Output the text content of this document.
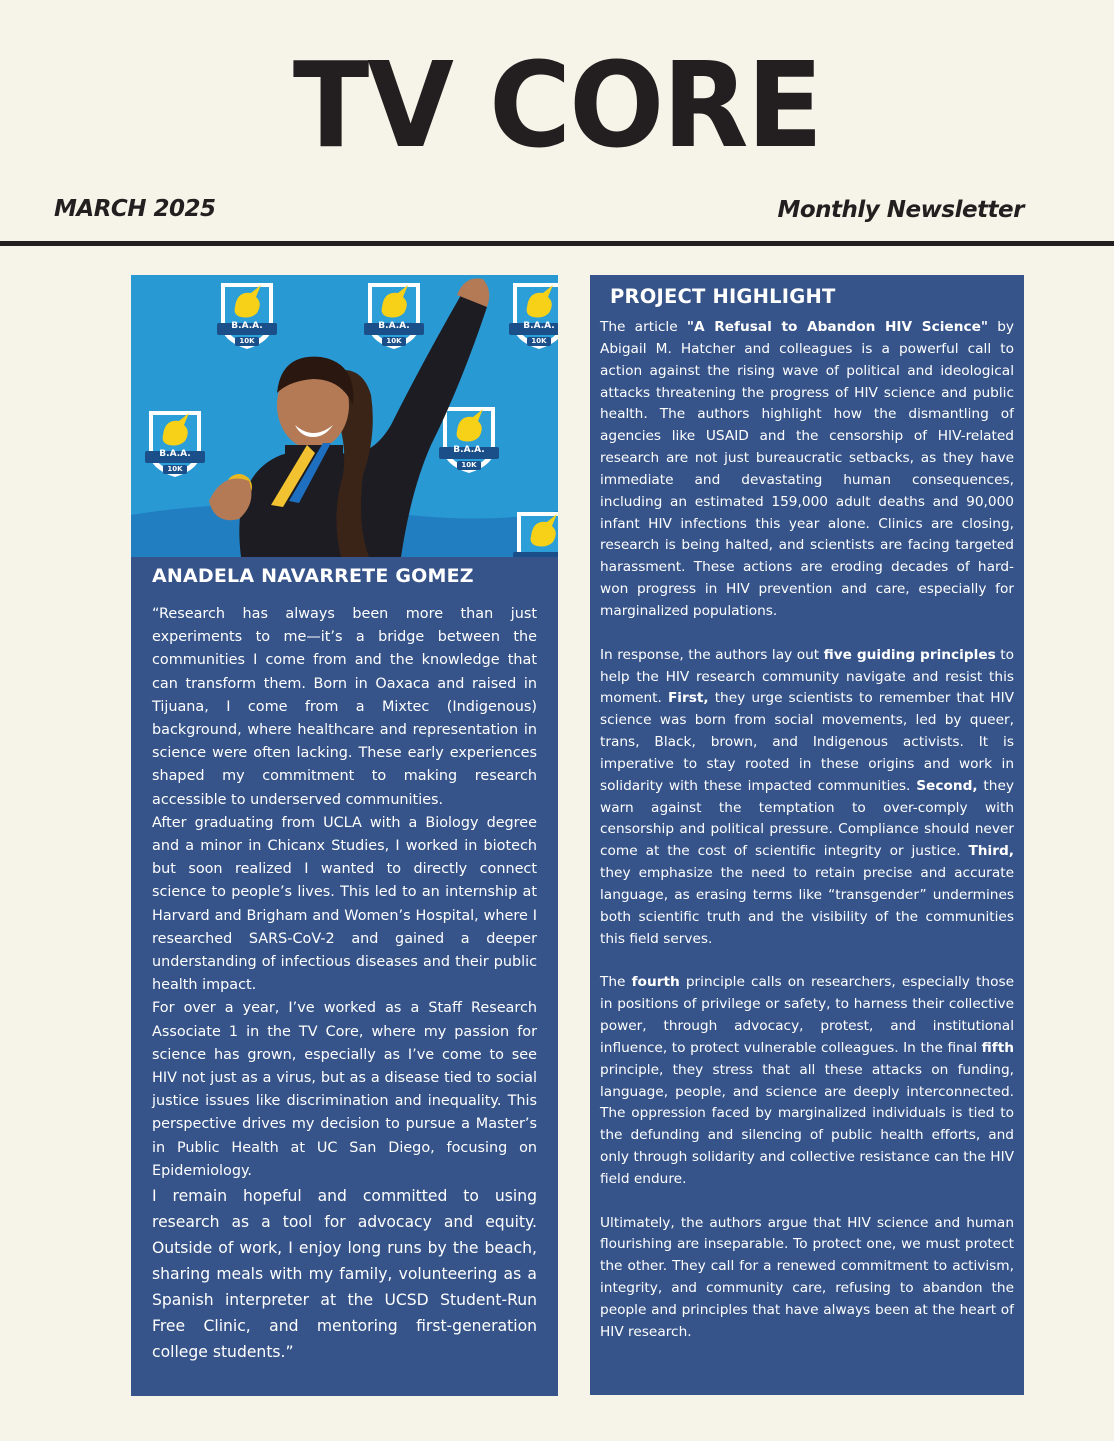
TV CORE
MARCH 2025	Monthly Newsletter
B.A.A.
10K
B.A.A.
10K
B.A.A.
10K
B.A.A.
10K
B.A.A.
10K
ANADELA NAVARRETE GOMEZ

“Research has always been more than just experiments to me—it’s a bridge between the communities I come from and the knowledge that can transform them. Born in Oaxaca and raised in Tijuana, I come from a Mixtec (Indigenous) background, where healthcare and representation in science were often lacking. These early experiences shaped my commitment to making research accessible to underserved communities.

After graduating from UCLA with a Biology degree and a minor in Chicanx Studies, I worked in biotech but soon realized I wanted to directly connect science to people’s lives. This led to an internship at Harvard and Brigham and Women’s Hospital, where I researched SARS-CoV-2 and gained a deeper understanding of infectious diseases and their public health impact.

For over a year, I’ve worked as a Staff Research Associate 1 in the TV Core, where my passion for science has grown, especially as I’ve come to see HIV not just as a virus, but as a disease tied to social justice issues like discrimination and inequality. This perspective drives my decision to pursue a Master’s in Public Health at UC San Diego, focusing on Epidemiology.

I remain hopeful and committed to using research as a tool for advocacy and equity. Outside of work, I enjoy long runs by the beach, sharing meals with my family, volunteering as a Spanish interpreter at the UCSD Student-Run Free Clinic, and mentoring first-generation college students.”

PROJECT HIGHLIGHT

The article "A Refusal to Abandon HIV Science" by Abigail M. Hatcher and colleagues is a powerful call to action against the rising wave of political and ideological attacks threatening the progress of HIV science and public health. The authors highlight how the dismantling of agencies like USAID and the censorship of HIV-related research are not just bureaucratic setbacks, as they have immediate and devastating human consequences, including an estimated 159,000 adult deaths and 90,000 infant HIV infections this year alone. Clinics are closing, research is being halted, and scientists are facing targeted harassment. These actions are eroding decades of hard-won progress in HIV prevention and care, especially for marginalized populations.

In response, the authors lay out five guiding principles to help the HIV research community navigate and resist this moment. First, they urge scientists to remember that HIV science was born from social movements, led by queer, trans, Black, brown, and Indigenous activists. It is imperative to stay rooted in these origins and work in solidarity with these impacted communities. Second, they warn against the temptation to over-comply with censorship and political pressure. Compliance should never come at the cost of scientific integrity or justice. Third, they emphasize the need to retain precise and accurate language, as erasing terms like “transgender” undermines both scientific truth and the visibility of the communities this field serves.

The fourth principle calls on researchers, especially those in positions of privilege or safety, to harness their collective power, through advocacy, protest, and institutional influence, to protect vulnerable colleagues. In the final fifth principle, they stress that all these attacks on funding, language, people, and science are deeply interconnected. The oppression faced by marginalized individuals is tied to the defunding and silencing of public health efforts, and only through solidarity and collective resistance can the HIV field endure.

Ultimately, the authors argue that HIV science and human flourishing are inseparable. To protect one, we must protect the other. They call for a renewed commitment to activism, integrity, and community care, refusing to abandon the people and principles that have always been at the heart of HIV research.
